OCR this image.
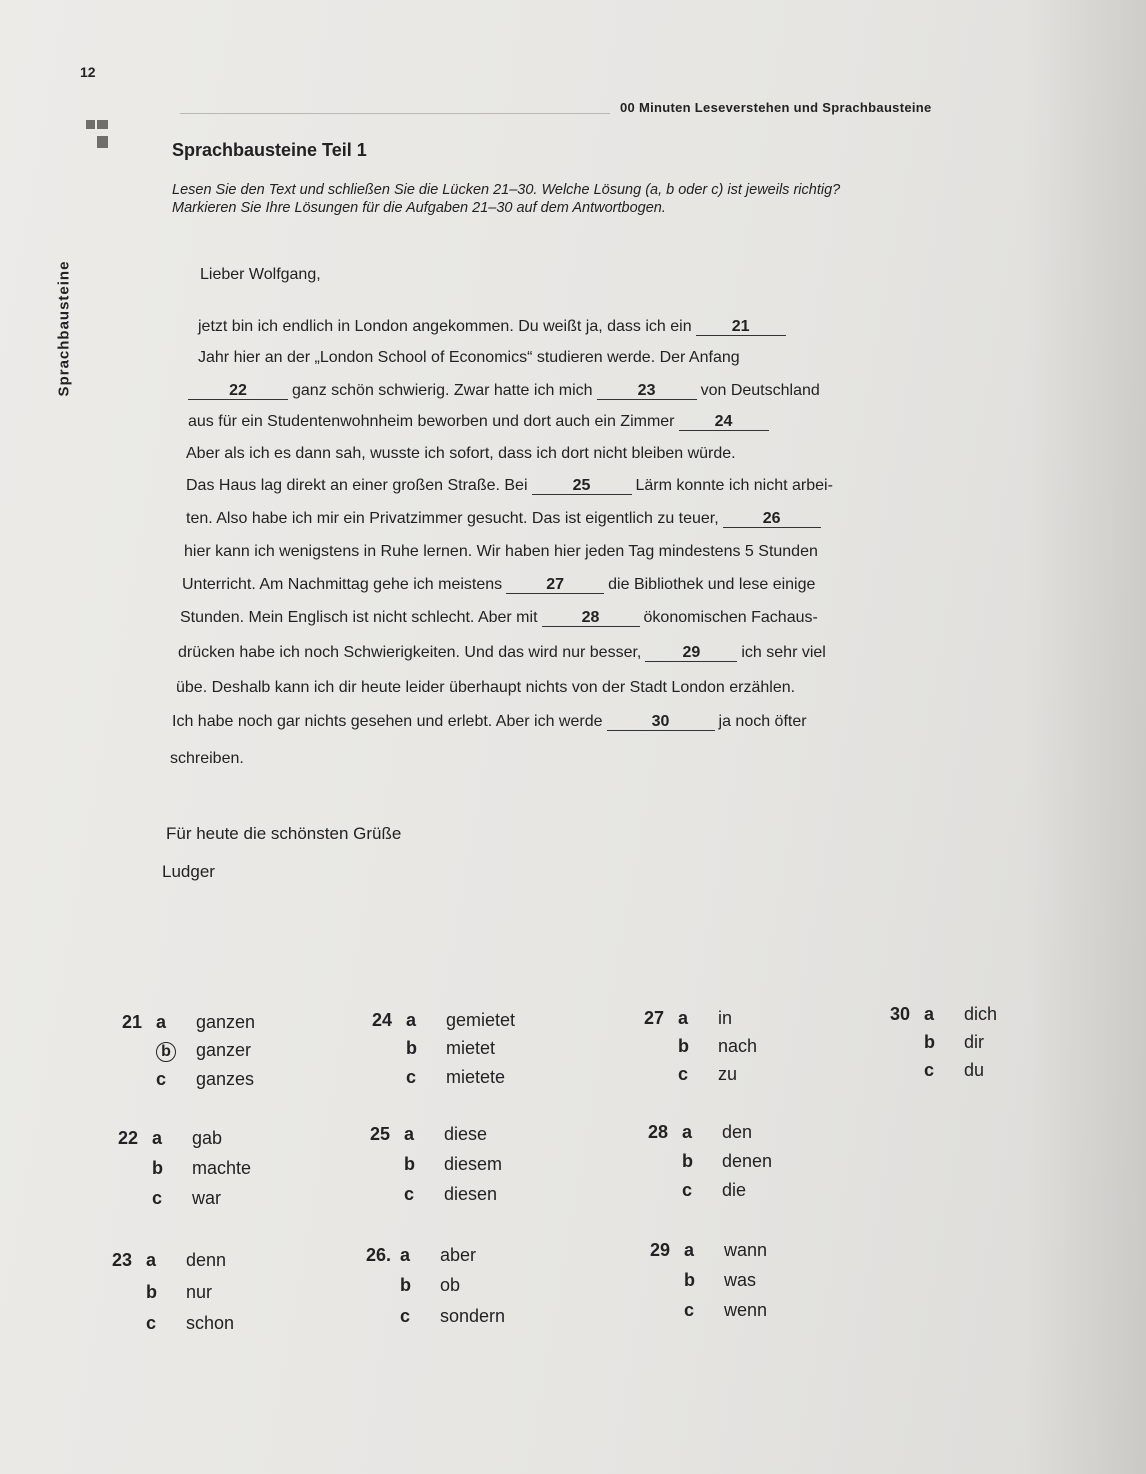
12
00 Minuten Leseverstehen und Sprachbausteine
Sprachbausteine Teil 1
Lesen Sie den Text und schließen Sie die Lücken 21–30. Welche Lösung (a, b oder c) ist jeweils richtig?
Markieren Sie Ihre Lösungen für die Aufgaben 21–30 auf dem Antwortbogen.
Sprachbausteine	Lieber Wolfgang,
jetzt bin ich endlich in London angekommen. Du weißt ja, dass ich ein	21
Jahr hier an der „London School of Economics“ studieren werde. Der Anfang
22	ganz schön schwierig. Zwar hatte ich mich	23	von Deutschland
aus für ein Studentenwohnheim beworben und dort auch ein Zimmer	24
Aber als ich es dann sah, wusste ich sofort, dass ich dort nicht bleiben würde.
Das Haus lag direkt an einer großen Straße. Bei	25	Lärm konnte ich nicht arbei-
ten. Also habe ich mir ein Privatzimmer gesucht. Das ist eigentlich zu teuer,	26
hier kann ich wenigstens in Ruhe lernen. Wir haben hier jeden Tag mindestens 5 Stunden
Unterricht. Am Nachmittag gehe ich meistens	27	die Bibliothek und lese einige
Stunden. Mein Englisch ist nicht schlecht. Aber mit	28	ökonomischen Fachaus-
drücken habe ich noch Schwierigkeiten. Und das wird nur besser,	29	ich sehr viel
übe. Deshalb kann ich dir heute leider überhaupt nichts von der Stadt London erzählen.
Ich habe noch gar nichts gesehen und erlebt. Aber ich werde	30	ja noch öfter
schreiben.
Für heute die schönsten Grüße
Ludger
21 a ganzen
b ganzer
c ganzes
22 a gab
b machte
c war
23 a denn
b nur
c schon
24 a gemietet
b mietet
c mietete
25 a diese
b diesem
c diesen
26. a aber
b ob
c sondern
27 a in
b nach
c zu
28 a den
b denen
c die
29 a wann
b was
c wenn
30 a dich
b dir
c du
